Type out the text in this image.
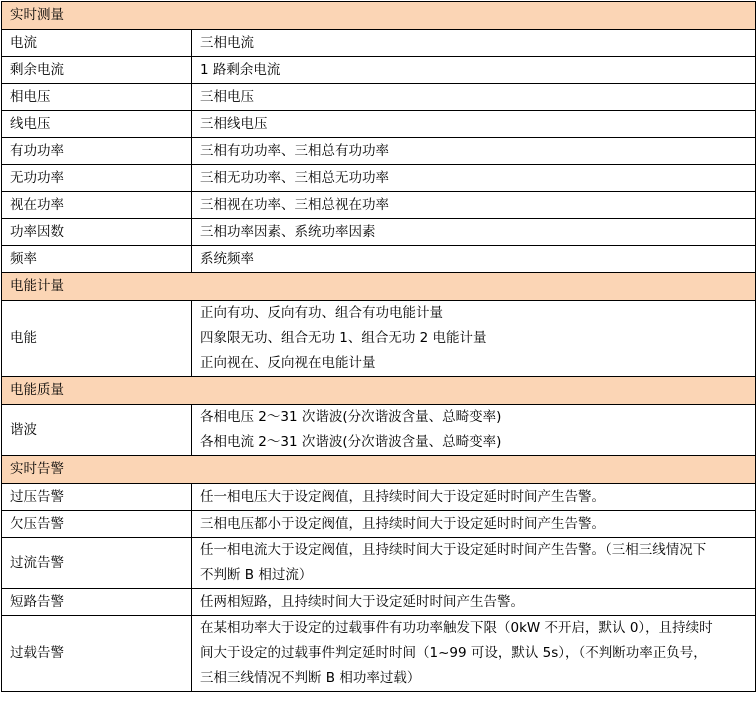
实时测量	
电流	三相电流

剩余电流	1 路剩余电流

相电压	三相电压

线电压	三相线电压

有功功率	三相有功功率、三相总有功功率

无功功率	三相无功功率、三相总无功功率

视在功率	三相视在功率、三相总视在功率

功率因数	三相功率因素、系统功率因素

频率	系统频率

电能计量	
电能	正向有功、反向有功、组合有功电能计量
四象限无功、组合无功 1、组合无功 2 电能计量
正向视在、反向视在电能计量

电能质量	
谐波	各相电压 2～31 次谐波(分次谐波含量、总畸变率)
各相电流 2～31 次谐波(分次谐波含量、总畸变率)

实时告警	
过压告警	任一相电压大于设定阀值，且持续时间大于设定延时时间产生告警。

欠压告警	三相电压都小于设定阀值，且持续时间大于设定延时时间产生告警。

过流告警	任一相电流大于设定阀值，且持续时间大于设定延时时间产生告警。（三相三线情况下
不判断 B 相过流）

短路告警	任两相短路，且持续时间大于设定延时时间产生告警。

过载告警	在某相功率大于设定的过载事件有功功率触发下限（0kW 不开启，默认 0），且持续时
间大于设定的过载事件判定延时时间（1~99 可设，默认 5s），（不判断功率正负号，
三相三线情况不判断 B 相功率过载）
